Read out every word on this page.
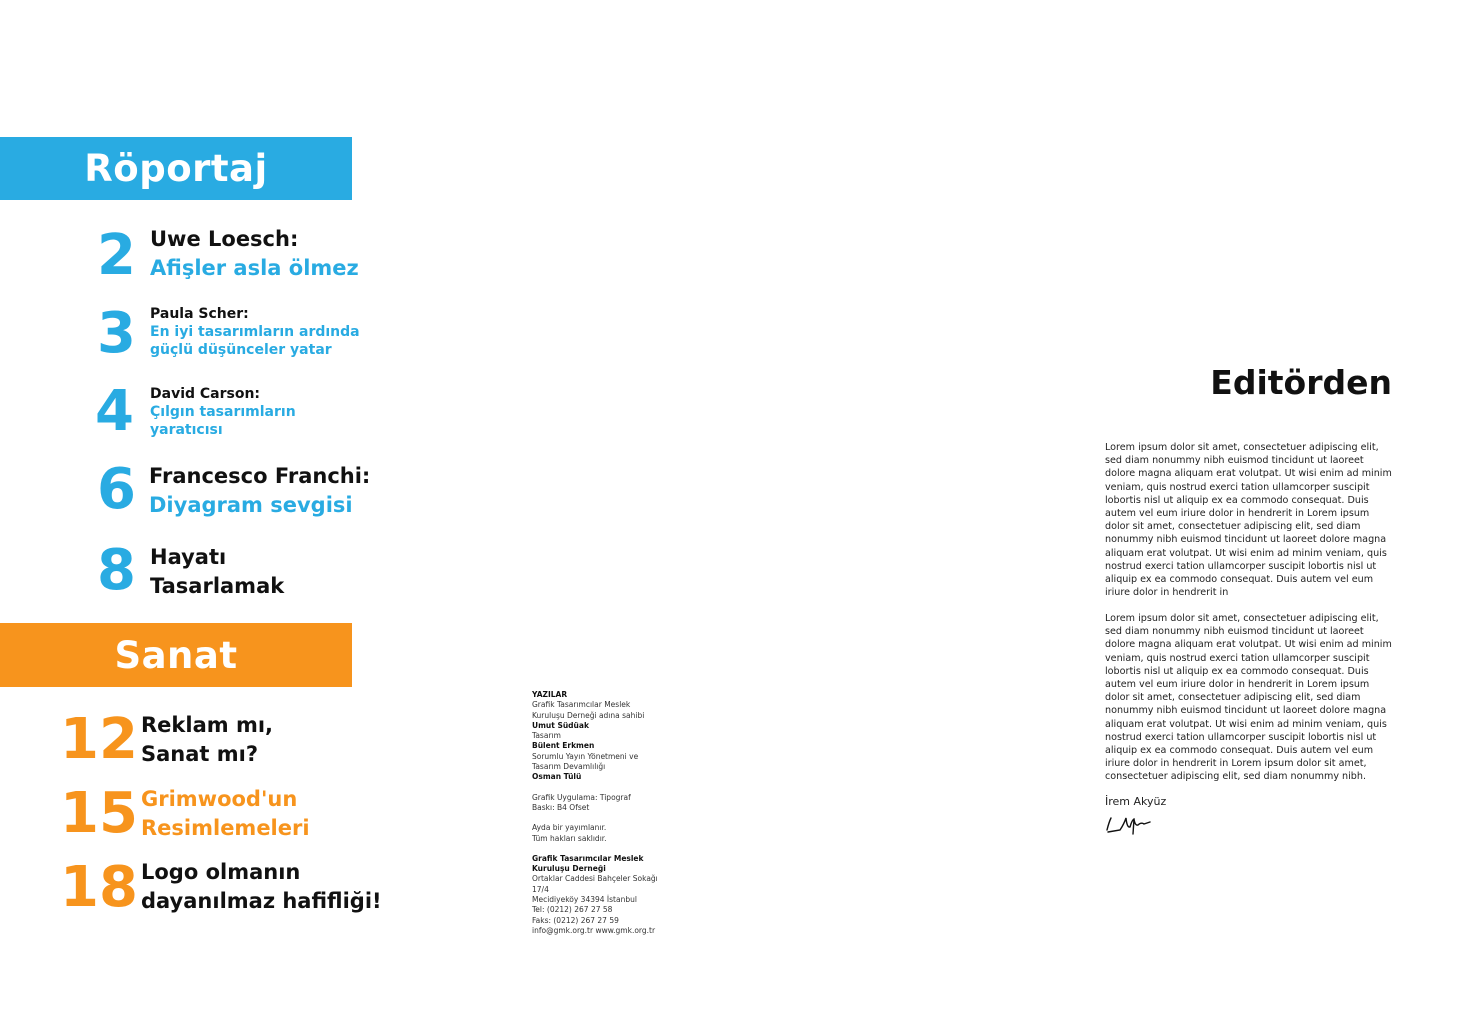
Röportaj
2 Uwe Loesch:
Afişler asla ölmez
3 Paula Scher:
En iyi tasarımların ardında
güçlü düşünceler yatar
4 David Carson:
Çılgın tasarımların
yaratıcısı
6 Francesco Franchi:
Diyagram sevgisi
8 Hayatı
Tasarlamak
Sanat
12 Reklam mı,
Sanat mı?
15 Grimwood'un
Resimlemeleri
18 Logo olmanın
dayanılmaz hafifliği!
YAZILAR
Grafik Tasarımcılar Meslek
Kuruluşu Derneği adına sahibi
Umut Südüak
Tasarım
Bülent Erkmen
Sorumlu Yayın Yönetmeni ve
Tasarım Devamlılığı
Osman Tülü
Grafik Uygulama: Tipograf
Baskı: B4 Ofset
Ayda bir yayımlanır.
Tüm hakları saklıdır.
Grafik Tasarımcılar Meslek
Kuruluşu Derneği
Ortaklar Caddesi Bahçeler Sokağı
17/4
Mecidiyeköy 34394 İstanbul
Tel: (0212) 267 27 58
Faks: (0212) 267 27 59
info@gmk.org.tr www.gmk.org.tr
Editörden
Lorem ipsum dolor sit amet, consectetuer adipiscing elit, sed diam nonummy nibh euismod tincidunt ut laoreet dolore magna aliquam erat volutpat. Ut wisi enim ad minim veniam, quis nostrud exerci tation ullamcorper suscipit lobortis nisl ut aliquip ex ea commodo consequat. Duis autem vel eum iriure dolor in hendrerit in Lorem ipsum dolor sit amet, consectetuer adipiscing elit, sed diam nonummy nibh euismod tincidunt ut laoreet dolore magna aliquam erat volutpat. Ut wisi enim ad minim veniam, quis nostrud exerci tation ullamcorper suscipit lobortis nisl ut aliquip ex ea commodo consequat. Duis autem vel eum iriure dolor in hendrerit in
Lorem ipsum dolor sit amet, consectetuer adipiscing elit, sed diam nonummy nibh euismod tincidunt ut laoreet dolore magna aliquam erat volutpat. Ut wisi enim ad minim veniam, quis nostrud exerci tation ullamcorper suscipit lobortis nisl ut aliquip ex ea commodo consequat. Duis autem vel eum iriure dolor in hendrerit in Lorem ipsum dolor sit amet, consectetuer adipiscing elit, sed diam nonummy nibh euismod tincidunt ut laoreet dolore magna aliquam erat volutpat. Ut wisi enim ad minim veniam, quis nostrud exerci tation ullamcorper suscipit lobortis nisl ut aliquip ex ea commodo consequat. Duis autem vel eum iriure dolor in hendrerit in Lorem ipsum dolor sit amet, consectetuer adipiscing elit, sed diam nonummy nibh.
İrem Akyüz
